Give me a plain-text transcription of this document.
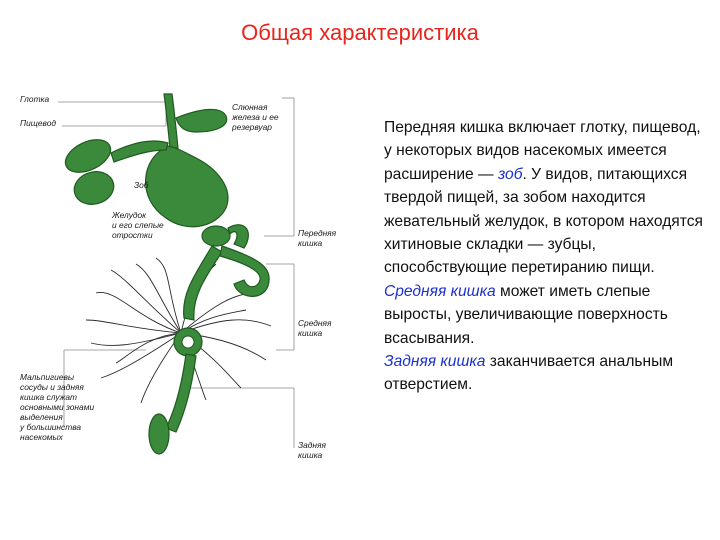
Общая характеристика
Глотка
Пищевод
Слюнная
железа и ее
резервуар
Зоб
Желудок
и его слепые
отростки	Передняя
кишка
Средняя
кишка
Мальпигиевы
сосуды и задняя
кишка служат
основными зонами
выделения
у большинства
насекомых
Задняя
кишка

Передняя кишка включает глотку, пищевод, у некоторых видов насекомых имеется расширение — зоб. У видов, питающихся твердой пищей, за зобом находится жевательный желудок, в котором находятся хитиновые складки — зубцы, способствующие перетиранию пищи.

Средняя кишка может иметь слепые выросты, увеличивающие поверхность всасывания.

Задняя кишка заканчивается анальным отверстием.
